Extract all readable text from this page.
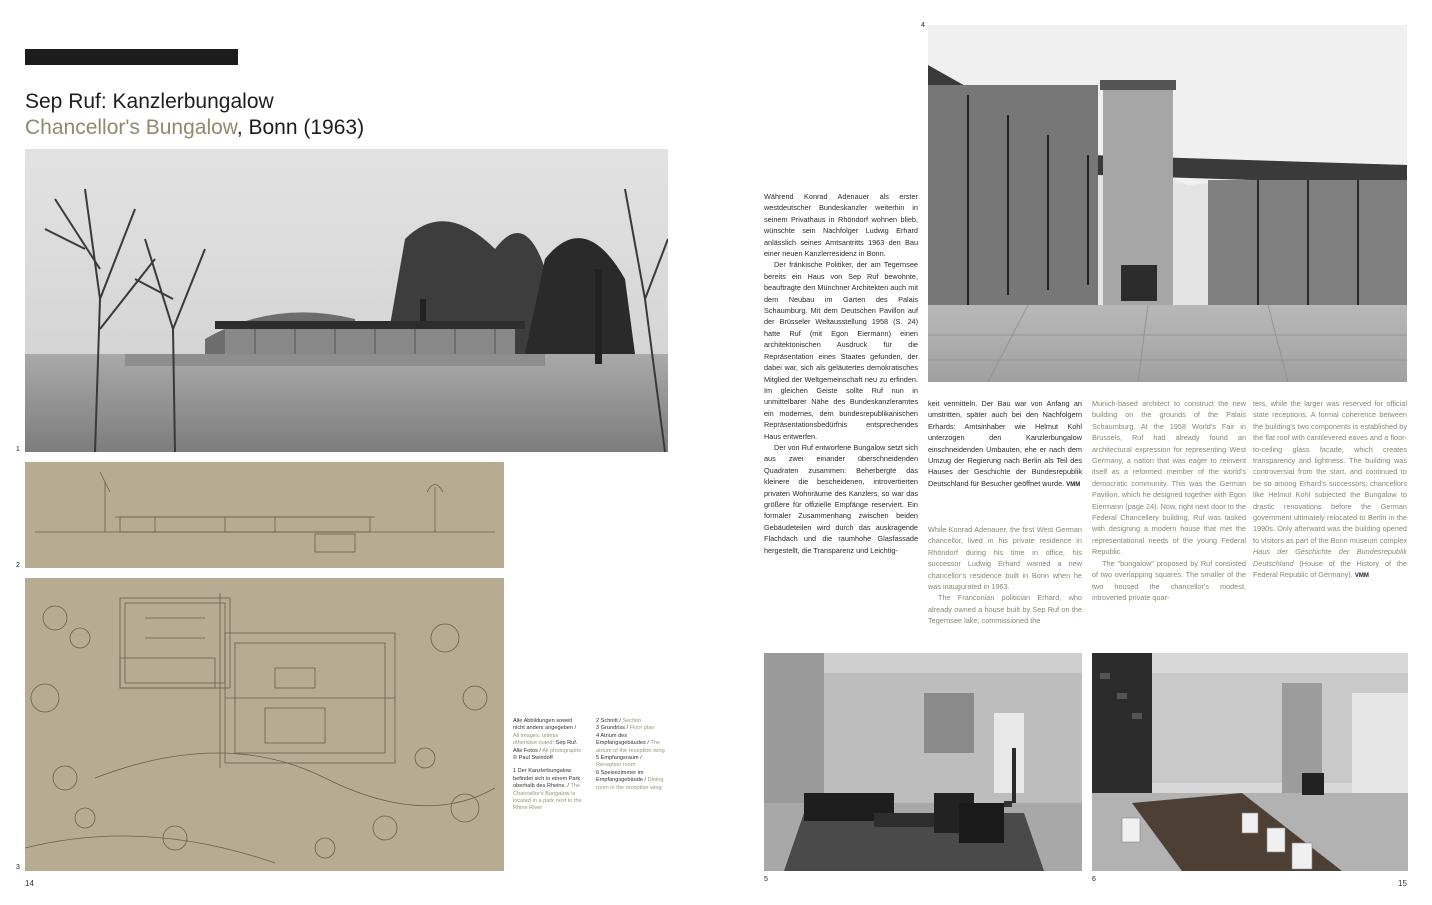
Sep Ruf: Kanzlerbungalow
Chancellor's Bungalow, Bonn (1963)
1
2
3
Alle Abbildungen soweit nicht anders angegeben / All images, unless otherwise noted: Sep Ruf. Alle Fotos / All photographs © Paul Swiridoff
1 Der Kanzlerbungalow befindet sich in einem Park oberhalb des Rheins. / The Chancellor's Bungalow is located in a park next to the Rhine River
2 Schnitt / Section
3 Grundriss / Floor plan
4 Atrium des Empfangsgebäudes / The atrium of the reception wing
5 Empfangsraum / Reception room
6 Speisezimmer im Empfangsgebäude / Dining room in the reception wing
14

Während Konrad Adenauer als erster westdeutscher Bundeskanzler weiterhin in seinem Privathaus in Rhöndorf wohnen blieb, wünschte sein Nachfolger Ludwig Erhard anlässlich seines Amtsantritts 1963 den Bau einer neuen Kanzlerresidenz in Bonn.

Der fränkische Politiker, der am Tegernsee bereits ein Haus von Sep Ruf bewohnte, beauftragte den Münchner Architekten auch mit dem Neubau im Garten des Palais Schaumburg. Mit dem Deutschen Pavillon auf der Brüsseler Weltausstellung 1958 (S. 24) hatte Ruf (mit Egon Eiermann) einen architektonischen Ausdruck für die Repräsentation eines Staates gefunden, der dabei war, sich als geläutertes demokratisches Mitglied der Weltgemeinschaft neu zu erfinden. Im gleichen Geiste sollte Ruf nun in unmittelbarer Nähe des Bundeskanzleramtes ein modernes, dem bundesrepublikanischen Repräsentationsbedürfnis entsprechendes Haus entwerfen.

Der von Ruf entworfene Bungalow setzt sich aus zwei einander überschneidenden Quadraten zusammen: Beherbergte das kleinere die bescheidenen, introvertierten privaten Wohnräume des Kanzlers, so war das größere für offizielle Empfänge reserviert. Ein formaler Zusammenhang zwischen beiden Gebäudeteilen wird durch das auskragende Flachdach und die raumhohe Glasfassade hergestellt, die Transparenz und Leichtig-

4

keit vermitteln. Der Bau war von Anfang an umstritten, später auch bei den Nachfolgern Erhards: Amtsinhaber wie Helmut Kohl unterzogen den Kanzlerbungalow einschneidenden Umbauten, ehe er nach dem Umzug der Regierung nach Berlin als Teil des Hauses der Geschichte der Bundesrepublik Deutschland für Besucher geöffnet wurde. VMM

While Konrad Adenauer, the first West German chancellor, lived in his private residence in Rhöndorf during his time in office, his successor Ludwig Erhard wanted a new chancellor's residence built in Bonn when he was inaugurated in 1963.

The Franconian politician Erhard, who already owned a house built by Sep Ruf on the Tegernsee lake, commissioned the

Munich-based architect to construct the new building on the grounds of the Palais Schaumburg. At the 1958 World's Fair in Brussels, Ruf had already found an architectural expression for representing West Germany, a nation that was eager to reinvent itself as a reformed member of the world's democratic community. This was the German Pavilion, which he designed together with Egon Eiermann (page 24). Now, right next door to the Federal Chancellery building, Ruf was tasked with designing a modern house that met the representational needs of the young Federal Republic.

The "bungalow" proposed by Ruf consisted of two overlapping squares. The smaller of the two housed the chancellor's modest, introverted private quar-

ters, while the larger was reserved for official state receptions. A formal coherence between the building's two components is established by the flat roof with cantilevered eaves and a floor-to-ceiling glass facade, which creates transparency and lightness. The building was controversial from the start, and continued to be so among Erhard's successors; chancellors like Helmut Kohl subjected the Bungalow to drastic renovations before the German government ultimately relocated to Berlin in the 1990s. Only afterward was the building opened to visitors as part of the Bonn museum complex Haus der Geschichte der Bundesrepublik Deutschland (House of the History of the Federal Republic of Germany). VMM

5	6	15
